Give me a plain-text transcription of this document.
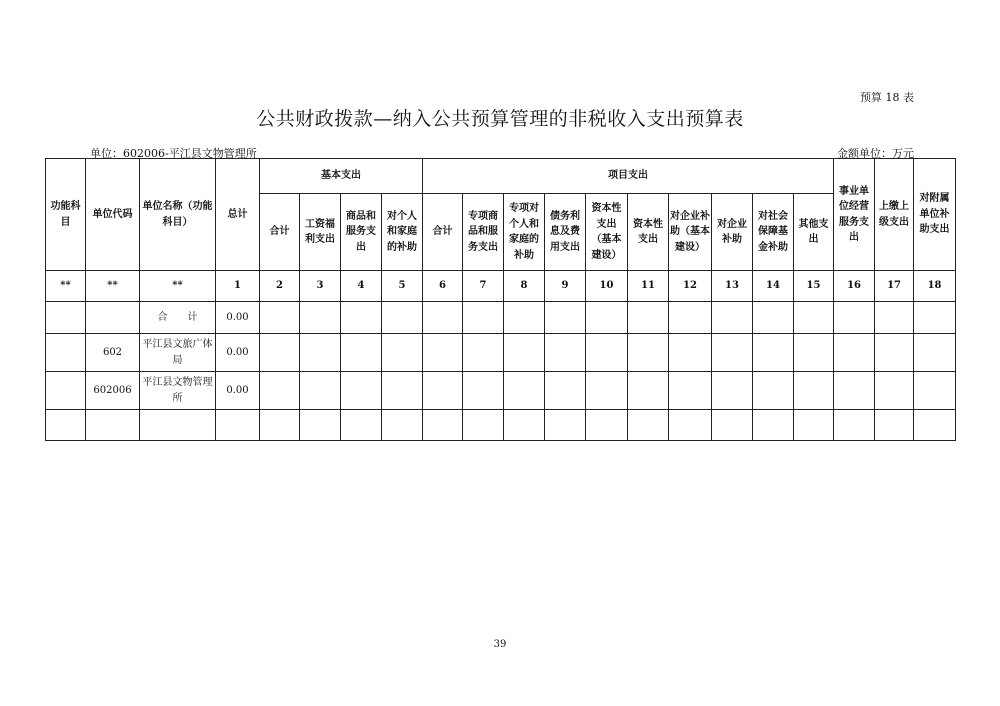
预算 18 表
公共财政拨款—纳入公共预算管理的非税收入支出预算表
单位：602006-平江县文物管理所	金额单位：万元
功能科目	单位代码	单位名称（功能科目）	总计	基本支出				项目支出										事业单位经营服务支出	上缴上级支出	对附属单位补助支出
				合计	工资福利支出	商品和服务支出	对个人和家庭的补助	合计	专项商品和服务支出	专项对个人和家庭的补助	债务利息及费用支出	资本性支出（基本建设）	资本性支出	对企业补助（基本建设）	对企业补助	对社会保障基金补助	其他支出			
**	**	**	1	2	3	4	5	6	7	8	9	10	11	12	13	14	15	16	17	18
		合　　计	0.00																	
	602	平江县文旅广体局	0.00																	
	602006	平江县文物管理所	0.00																	

39
